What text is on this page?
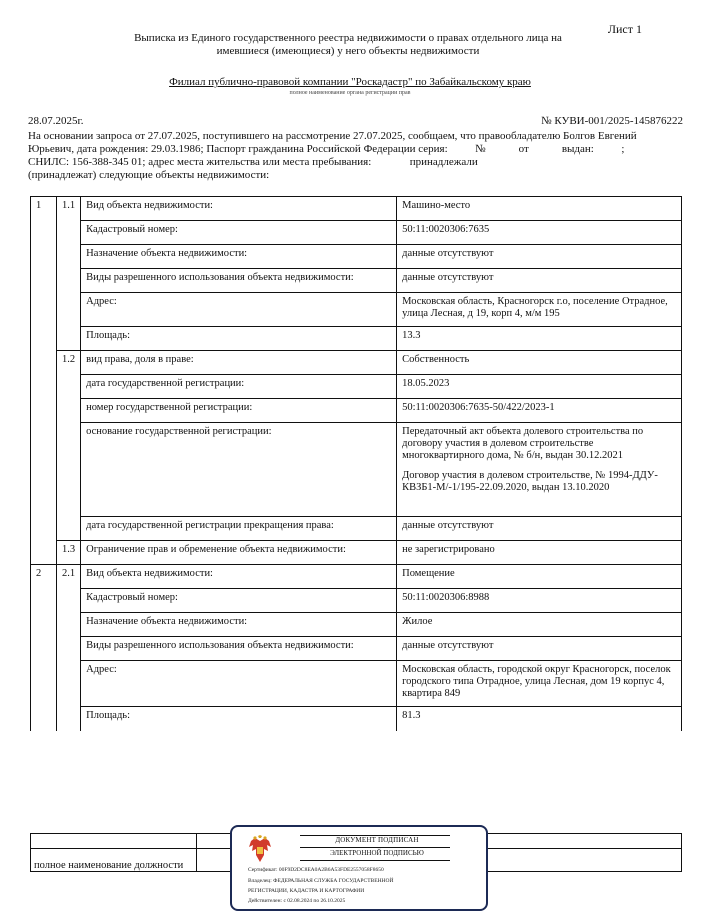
Лист 1
Выписка из Единого государственного реестра недвижимости о правах отдельного лица на имевшиеся (имеющиеся) у него объекты недвижимости
Филиал публично-правовой компании "Роскадастр" по Забайкальскому краю
полное наименование органа регистрации прав
28.07.2025г.	№ КУВИ-001/2025-145876222
На основании запроса от 27.07.2025, поступившего на рассмотрение 27.07.2025, сообщаем, что правообладателю Болгов Евгений
Юрьевич, дата рождения: 29.03.1986; Паспорт гражданина Российской Федерации серия:          №            от            выдан:          ;
СНИЛС: 156-388-345 01; адрес места жительства или места пребывания:              принадлежали
(принадлежат) следующие объекты недвижимости:
1	1.1	Вид объекта недвижимости:	Машино-место
		Кадастровый номер:	50:11:0020306:7635
		Назначение объекта недвижимости:	данные отсутствуют
		Виды разрешенного использования объекта недвижимости:	данные отсутствуют
		Адрес:	Московская область, Красногорск г.о, поселение Отрадное, улица Лесная, д 19, корп 4, м/м 195
		Площадь:	13.3
	1.2	вид права, доля в праве:	Собственность
		дата государственной регистрации:	18.05.2023
		номер государственной регистрации:	50:11:0020306:7635-50/422/2023-1
		основание государственной регистрации:	Передаточный акт объекта долевого строительства по договору участия в долевом строительстве многоквартирного дома, № б/н, выдан 30.12.2021

Договор участия в долевом строительстве, № 1994-ДДУ-КВЗБ1-М/-1/195-22.09.2020, выдан 13.10.2020

		дата государственной регистрации прекращения права:	данные отсутствуют
	1.3	Ограничение прав и обременение объекта недвижимости:	не зарегистрировано
2	2.1	Вид объекта недвижимости:	Помещение
		Кадастровый номер:	50:11:0020306:8988
		Назначение объекта недвижимости:	Жилое
		Виды разрешенного использования объекта недвижимости:	данные отсутствуют
		Адрес:	Московская область, городской округ Красногорск, поселок городского типа Отрадное, улица Лесная, дом 19 корпус 4, квартира 849
		Площадь:	81.3

полное наименование должности		
ДОКУМЕНТ ПОДПИСАН
ЭЛЕКТРОННОЙ ПОДПИСЬЮ
Сертификат: 00F9D2DC8EA0A2B6A53FDE2557058F8650
Владелец: ФЕДЕРАЛЬНАЯ СЛУЖБА ГОСУДАРСТВЕННОЙ
РЕГИСТРАЦИИ, КАДАСТРА И КАРТОГРАФИИ
Действителен: с 02.08.2024 по 26.10.2025
